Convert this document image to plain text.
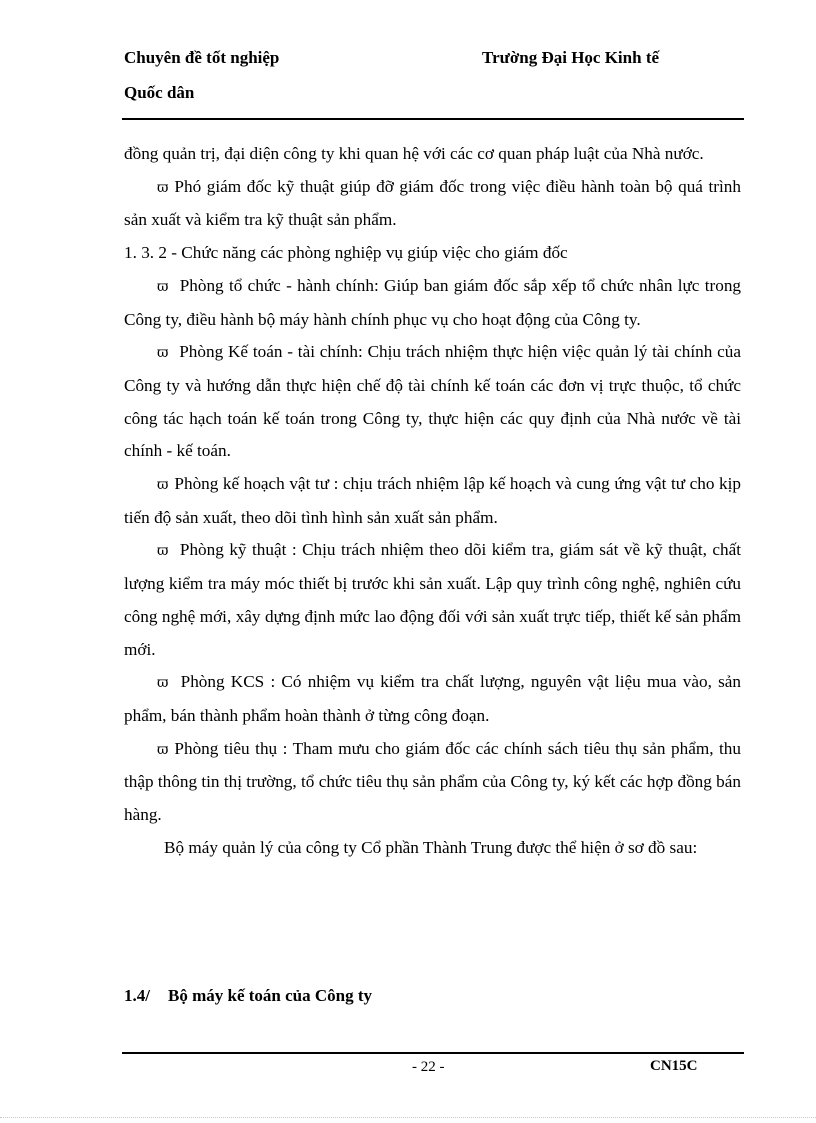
Chuyên đề tốt nghiệp	Trường Đại Học Kinh tế
Quốc dân

đồng quản trị, đại diện công ty khi quan hệ với các cơ quan pháp luật của Nhà nước.

ϖ Phó giám đốc kỹ thuật giúp đỡ giám đốc trong việc điều hành toàn bộ quá trình sản xuất và kiểm tra kỹ thuật sản phẩm.

1. 3. 2 - Chức năng các phòng nghiệp vụ giúp việc cho giám đốc

ϖ Phòng tổ chức - hành chính: Giúp ban giám đốc sắp xếp tổ chức nhân lực trong Công ty, điều hành bộ máy hành chính phục vụ cho hoạt động của Công ty.

ϖ Phòng Kế toán - tài chính: Chịu trách nhiệm thực hiện việc quản lý tài chính của Công ty và hướng dẫn thực hiện chế độ tài chính kế toán các đơn vị trực thuộc, tổ chức công tác hạch toán kế toán trong Công ty, thực hiện các quy định của Nhà nước về tài chính - kế toán.

ϖ Phòng kế hoạch vật tư : chịu trách nhiệm lập kế hoạch và cung ứng vật tư cho kịp tiến độ sản xuất, theo dõi tình hình sản xuất sản phẩm.

ϖ Phòng kỹ thuật : Chịu trách nhiệm theo dõi kiểm tra, giám sát về kỹ thuật, chất lượng kiểm tra máy móc thiết bị trước khi sản xuất. Lập quy trình công nghệ, nghiên cứu công nghệ mới, xây dựng định mức lao động đối với sản xuất trực tiếp, thiết kế sản phẩm mới.

ϖ Phòng KCS : Có nhiệm vụ kiểm tra chất lượng, nguyên vật liệu mua vào, sản phẩm, bán thành phẩm hoàn thành ở từng công đoạn.

ϖ Phòng tiêu thụ : Tham mưu cho giám đốc các chính sách tiêu thụ sản phẩm, thu thập thông tin thị trường, tổ chức tiêu thụ sản phẩm của Công ty, ký kết các hợp đồng bán hàng.

Bộ máy quản lý của công ty Cổ phần Thành Trung được thể hiện ở sơ đồ sau:

1.4/ Bộ máy kế toán của Công ty
- 22 -	CN15C
